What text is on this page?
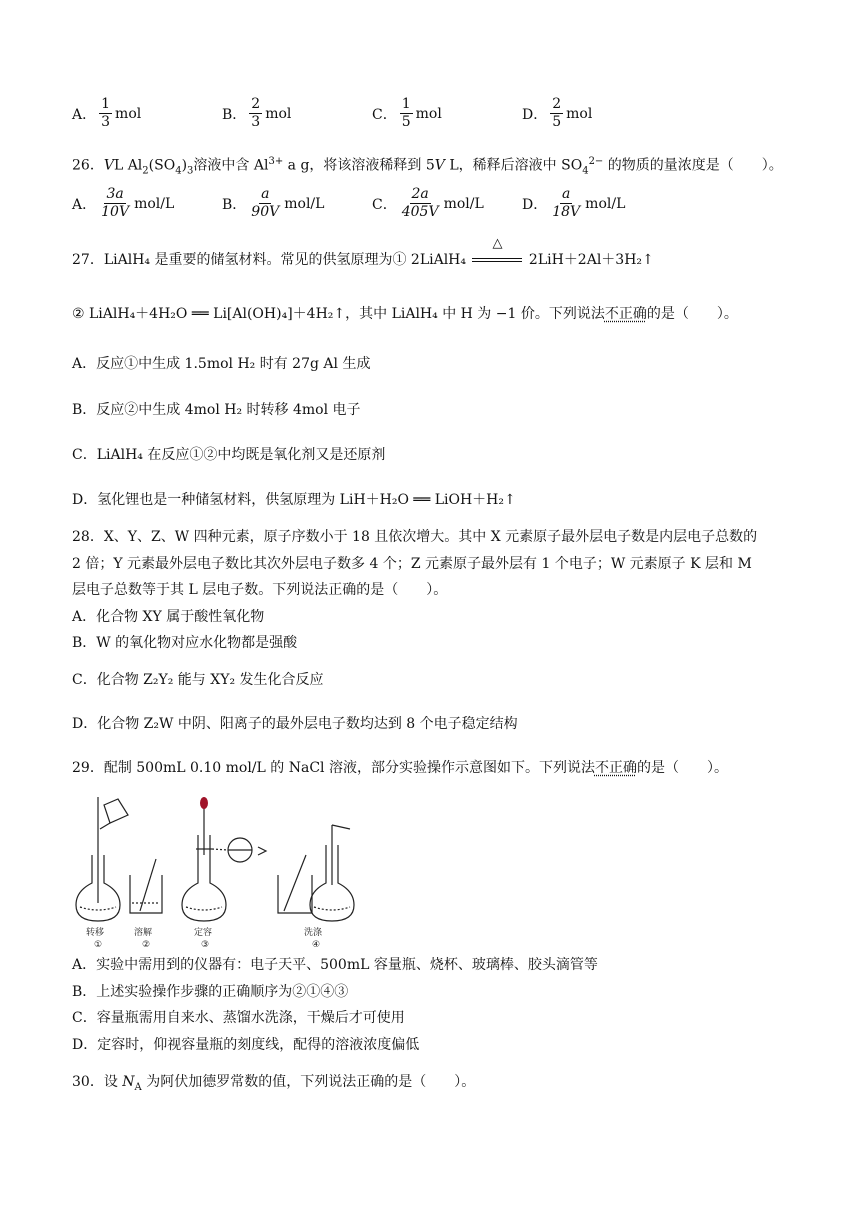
A． $\frac{1}{3}$ mol	B． $\frac{2}{3}$ mol	C． $\frac{1}{5}$ mol	D． $\frac{2}{5}$ mol
26．VL $Al_2(SO_4)_3$溶液中含 $Al^{3+}$ a g，将该溶液稀释到 5V L，稀释后溶液中 $SO_4^{2-}$ 的物质的量浓度是（　　）。
A． $\frac{3a}{10V} mol/L$	B． $\frac{a}{90V} mol/L$	C． $\frac{2a}{405V} mol/L$	D． $\frac{a}{18V} mol/L$
27．LiAlH₄ 是重要的储氢材料。常见的供氢原理为① 2LiAlH₄
△
2LiH＋2Al＋3H₂↑
② LiAlH₄＋4H₂O ══ Li[Al(OH)₄]＋4H₂↑，其中 LiAlH₄ 中 H 为 −1 价。下列说法不正确的是（　　）。
A．反应①中生成 1.5mol H₂ 时有 27g Al 生成
B．反应②中生成 4mol H₂ 时转移 4mol 电子
C．LiAlH₄ 在反应①②中均既是氧化剂又是还原剂
D．氢化锂也是一种储氢材料，供氢原理为 LiH＋H₂O ══ LiOH＋H₂↑
28．X、Y、Z、W 四种元素，原子序数小于 18 且依次增大。其中 X 元素原子最外层电子数是内层电子总数的
2 倍；Y 元素最外层电子数比其次外层电子数多 4 个；Z 元素原子最外层有 1 个电子；W 元素原子 K 层和 M
层电子总数等于其 L 层电子数。下列说法正确的是（　　）。
A．化合物 XY 属于酸性氧化物
B．W 的氧化物对应水化物都是强酸
C．化合物 Z₂Y₂ 能与 XY₂ 发生化合反应
D．化合物 Z₂W 中阴、阳离子的最外层电子数均达到 8 个电子稳定结构
29．配制 500mL 0.10 mol/L 的 NaCl 溶液，部分实验操作示意图如下。下列说法不正确的是（　　）。
转移
①
溶解
②
定容
③
洗涤
④
A．实验中需用到的仪器有：电子天平、500mL 容量瓶、烧杯、玻璃棒、胶头滴管等
B．上述实验操作步骤的正确顺序为②①④③
C．容量瓶需用自来水、蒸馏水洗涤，干燥后才可使用
D．定容时，仰视容量瓶的刻度线，配得的溶液浓度偏低
30．设 $N_A$ 为阿伏加德罗常数的值，下列说法正确的是（　　）。
